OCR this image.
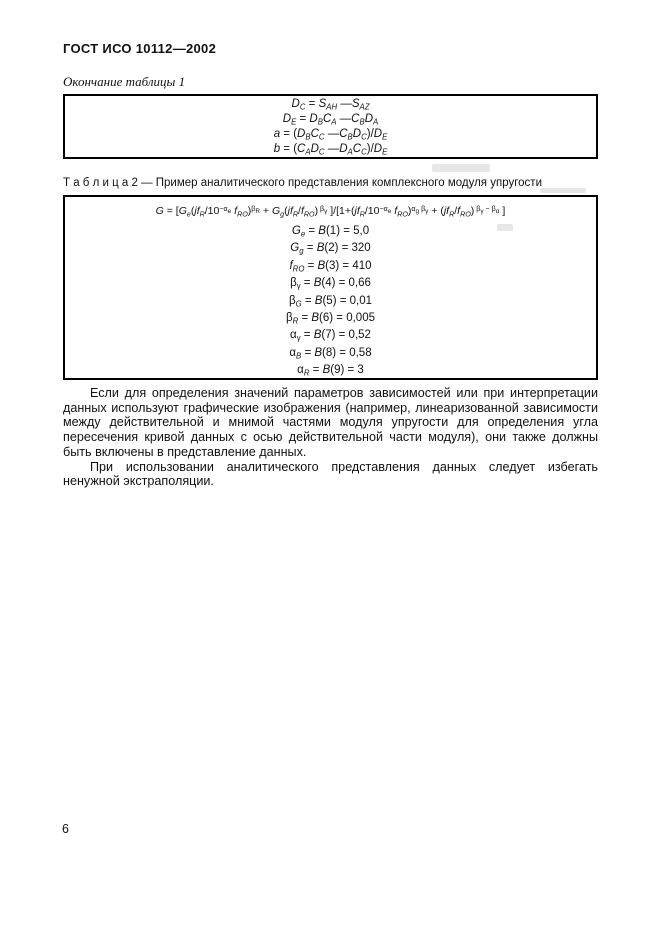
ГОСТ ИСО 10112—2002
Окончание таблицы 1
$D_C = S_{AH}$ $—S_{AZ}$
$D_E = D_BC_A$ $—C_BD_A$
$a = (D_BC_C$ $—C_BD_C)/D_E$
$b = (C_AD_C$ $—D_AC_C)/D_E$
Т а б л и ц а 2 — Пример аналитического представления комплексного модуля упругости
$G = [G_e(jf_R/10^{-\alpha_e}$ $f_{RO})^{\beta_R} + G_g(jf_R/f_{RO})$ $^{\beta_\gamma}$ ]$/[1+(jf_R/10^{-\alpha_e}$ $f_{RO})^{\alpha_g \beta_\gamma} + (jf_R/f_{RO})$ $^{\beta_\gamma - \beta_\alpha}$ ]
$G_e = B(1) = 5,0$
$G_g = B(2) = 320$
$f_{RO} = B(3) = 410$
$\beta_\gamma = B(4) = 0,66$
$\beta_G = B(5) = 0,01$
$\beta_R = B(6) = 0,005$
$\alpha_\gamma = B(7) = 0,52$
$\alpha_B = B(8) = 0,58$
$\alpha_R = B(9) = 3$

Если для определения значений параметров зависимостей или при интерпретации данных используют графические изображения (например, линеаризованной зависимости между действительной и мнимой частями модуля упругости для определения угла пересечения кривой данных с осью действительной части модуля), они также должны быть включены в представление данных.

При использовании аналитического представления данных следует избегать ненужной экстраполяции.

6
